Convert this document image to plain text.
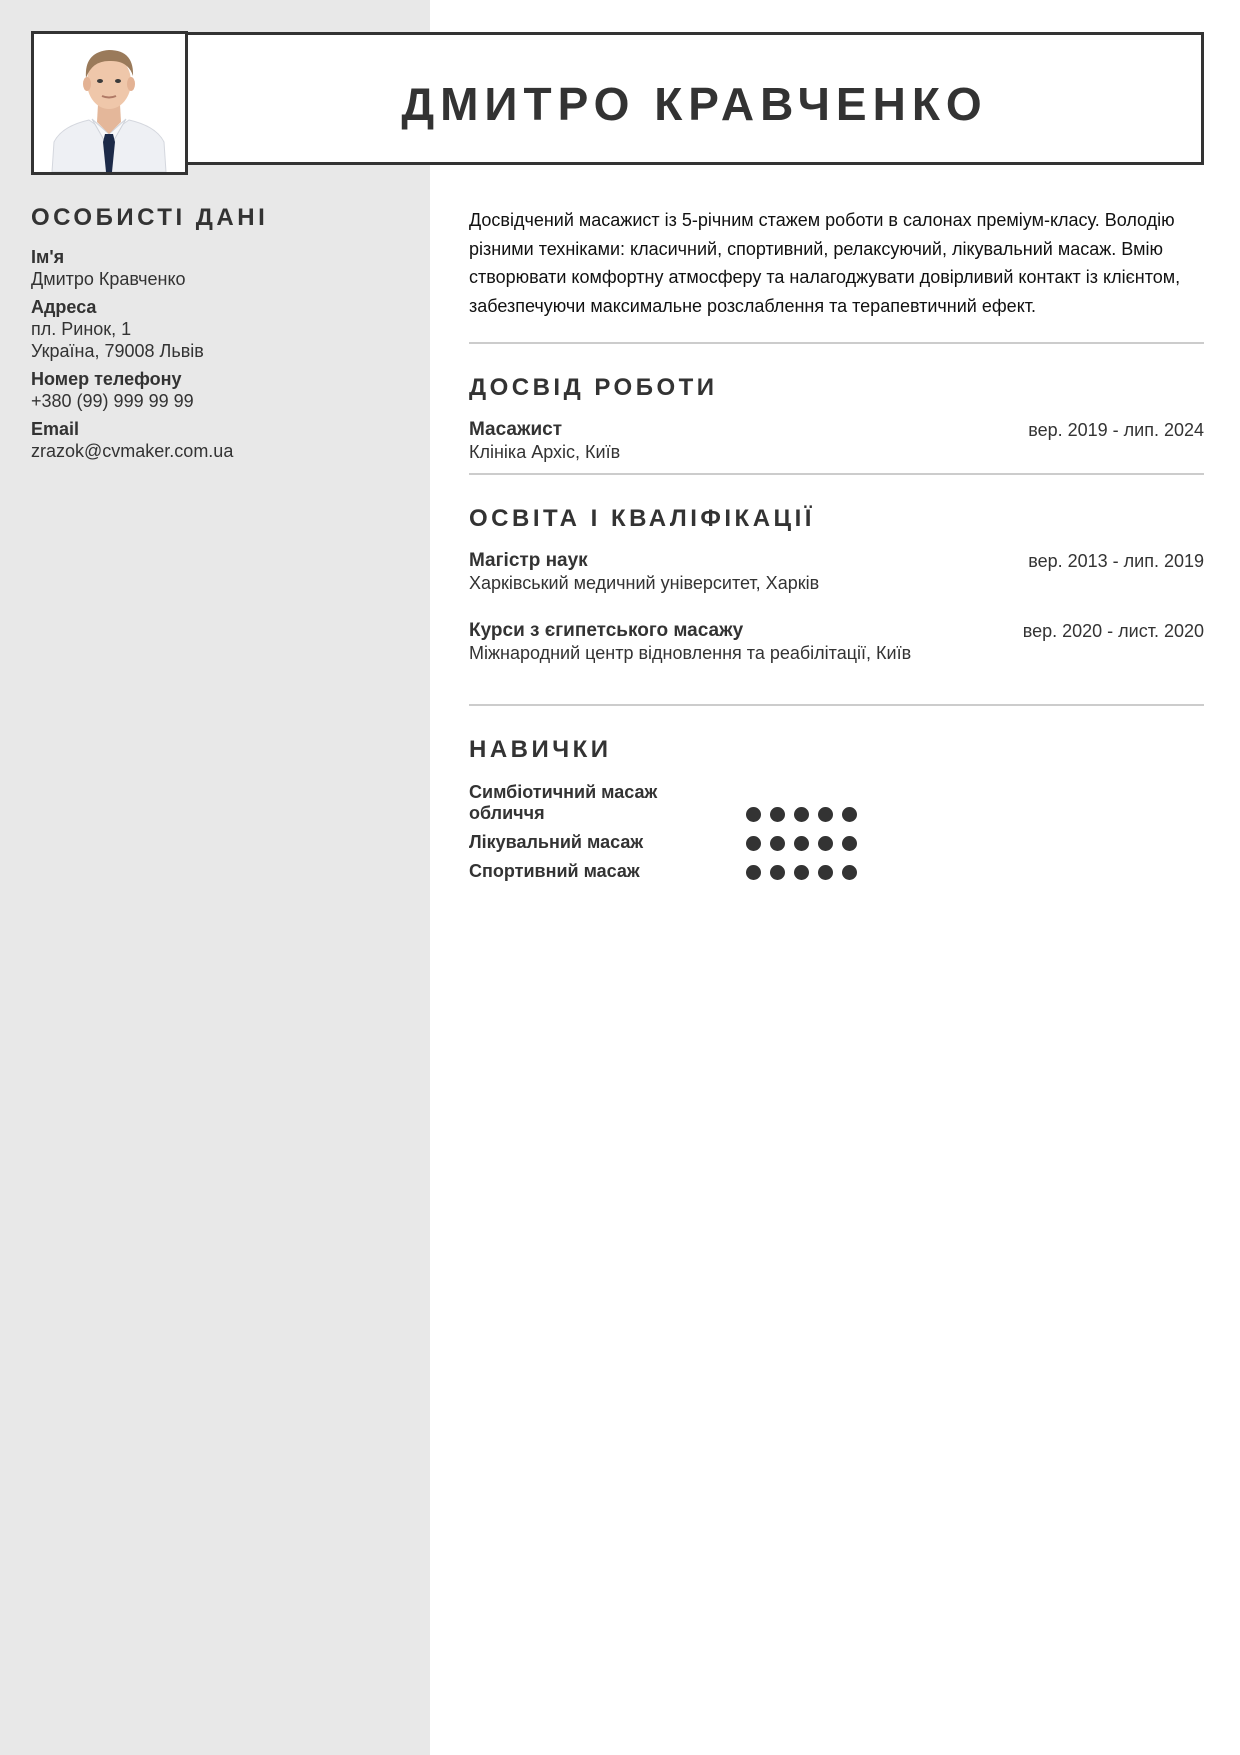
ДМИТРО КРАВЧЕНКО
ОСОБИСТІ ДАНІ
Ім'я
Дмитро Кравченко
Адреса
пл. Ринок, 1
Україна, 79008 Львів
Номер телефону
+380 (99) 999 99 99
Email
zrazok@cvmaker.com.ua

Досвідчений масажист із 5-річним стажем роботи в салонах преміум-класу. Володію різними техніками: класичний, спортивний, релаксуючий, лікувальний масаж. Вмію створювати комфортну атмосферу та налагоджувати довірливий контакт із клієнтом, забезпечуючи максимальне розслаблення та терапевтичний ефект.

ДОСВІД РОБОТИ
Масажист
Клініка Архіс, Київ
вер. 2019 - лип. 2024
ОСВІТА І КВАЛІФІКАЦІЇ
Магістр наук
Харківський медичний університет, Харків
вер. 2013 - лип. 2019
Курси з єгипетського масажу
Міжнародний центр відновлення та реабілітації, Київ
вер. 2020 - лист. 2020
НАВИЧКИ
Симбіотичний масаж обличчя
Лікувальний масаж
Спортивний масаж
